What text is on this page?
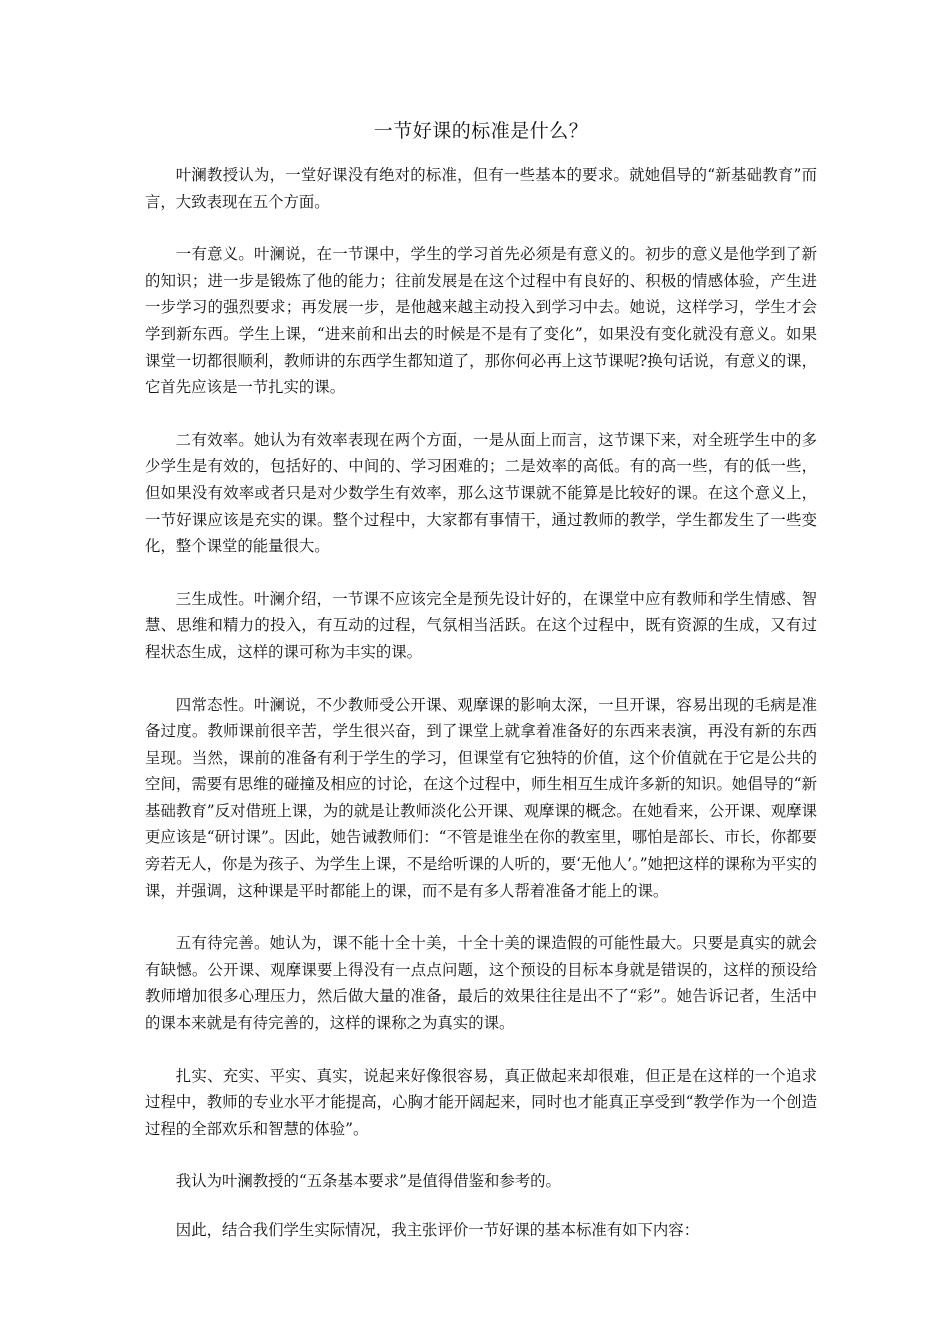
一节好课的标准是什么？

叶澜教授认为，一堂好课没有绝对的标准，但有一些基本的要求。就她倡导的“新基础教育”而言，大致表现在五个方面。

一有意义。叶澜说，在一节课中，学生的学习首先必须是有意义的。初步的意义是他学到了新的知识；进一步是锻炼了他的能力；往前发展是在这个过程中有良好的、积极的情感体验，产生进一步学习的强烈要求；再发展一步，是他越来越主动投入到学习中去。她说，这样学习，学生才会学到新东西。学生上课，“进来前和出去的时候是不是有了变化”，如果没有变化就没有意义。如果课堂一切都很顺利，教师讲的东西学生都知道了，那你何必再上这节课呢?换句话说，有意义的课，它首先应该是一节扎实的课。

二有效率。她认为有效率表现在两个方面，一是从面上而言，这节课下来，对全班学生中的多少学生是有效的，包括好的、中间的、学习困难的；二是效率的高低。有的高一些，有的低一些，但如果没有效率或者只是对少数学生有效率，那么这节课就不能算是比较好的课。在这个意义上，一节好课应该是充实的课。整个过程中，大家都有事情干，通过教师的教学，学生都发生了一些变化，整个课堂的能量很大。

三生成性。叶澜介绍，一节课不应该完全是预先设计好的，在课堂中应有教师和学生情感、智慧、思维和精力的投入，有互动的过程，气氛相当活跃。在这个过程中，既有资源的生成，又有过程状态生成，这样的课可称为丰实的课。

四常态性。叶澜说，不少教师受公开课、观摩课的影响太深，一旦开课，容易出现的毛病是准备过度。教师课前很辛苦，学生很兴奋，到了课堂上就拿着准备好的东西来表演，再没有新的东西呈现。当然，课前的准备有利于学生的学习，但课堂有它独特的价值，这个价值就在于它是公共的空间，需要有思维的碰撞及相应的讨论，在这个过程中，师生相互生成许多新的知识。她倡导的“新基础教育”反对借班上课，为的就是让教师淡化公开课、观摩课的概念。在她看来，公开课、观摩课更应该是“研讨课”。因此，她告诫教师们：“不管是谁坐在你的教室里，哪怕是部长、市长，你都要旁若无人，你是为孩子、为学生上课，不是给听课的人听的，要‘无他人’。”她把这样的课称为平实的课，并强调，这种课是平时都能上的课，而不是有多人帮着准备才能上的课。

五有待完善。她认为，课不能十全十美，十全十美的课造假的可能性最大。只要是真实的就会有缺憾。公开课、观摩课要上得没有一点点问题，这个预设的目标本身就是错误的，这样的预设给教师增加很多心理压力，然后做大量的准备，最后的效果往往是出不了“彩”。她告诉记者，生活中的课本来就是有待完善的，这样的课称之为真实的课。

扎实、充实、平实、真实，说起来好像很容易，真正做起来却很难，但正是在这样的一个追求过程中，教师的专业水平才能提高，心胸才能开阔起来，同时也才能真正享受到“教学作为一个创造过程的全部欢乐和智慧的体验”。

我认为叶澜教授的“五条基本要求”是值得借鉴和参考的。

因此，结合我们学生实际情况，我主张评价一节好课的基本标准有如下内容：
